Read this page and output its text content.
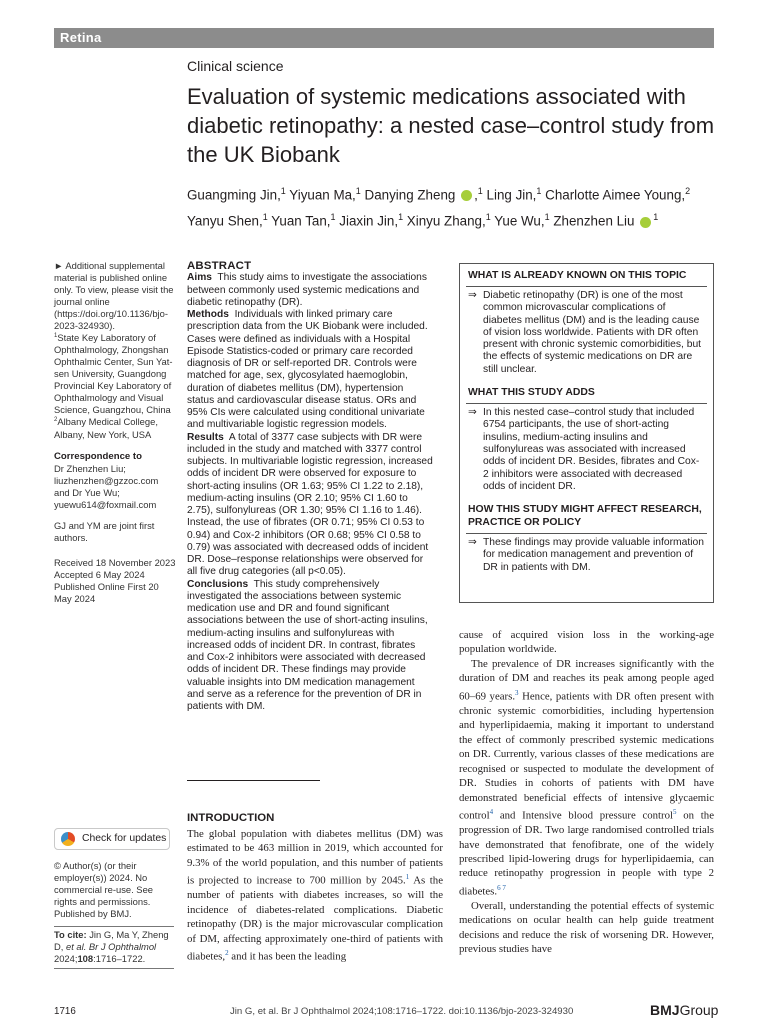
Retina
Clinical science
Evaluation of systemic medications associated with diabetic retinopathy: a nested case–control study from the UK Biobank
Guangming Jin,$^1$ Yiyuan Ma,$^1$ Danying Zheng ,$^1$ Ling Jin,$^1$ Charlotte Aimee Young,$^2$
Yanyu Shen,$^1$ Yuan Tan,$^1$ Jiaxin Jin,$^1$ Xinyu Zhang,$^1$ Yue Wu,$^1$ Zhenzhen Liu $^1$
► Additional supplemental material is published online only. To view, please visit the journal online (https://doi.org/10.1136/bjo-2023-324930).
$^1$State Key Laboratory of Ophthalmology, Zhongshan Ophthalmic Center, Sun Yat-sen University, Guangdong Provincial Key Laboratory of Ophthalmology and Visual Science, Guangzhou, China
$^2$Albany Medical College, Albany, New York, USA
Correspondence to
Dr Zhenzhen Liu; liuzhenzhen@gzzoc.com and Dr Yue Wu; yuewu614@foxmail.com
GJ and YM are joint first authors.
Received 18 November 2023
Accepted 6 May 2024
Published Online First 20 May 2024
Check for updates
© Author(s) (or their employer(s)) 2024. No commercial re-use. See rights and permissions. Published by BMJ.
To cite: Jin G, Ma Y, Zheng D, et al. Br J Ophthalmol 2024;108:1716–1722.
ABSTRACT
Aims This study aims to investigate the associations between commonly used systemic medications and diabetic retinopathy (DR).
Methods Individuals with linked primary care prescription data from the UK Biobank were included. Cases were defined as individuals with a Hospital Episode Statistics-coded or primary care recorded diagnosis of DR or self-reported DR. Controls were matched for age, sex, glycosylated haemoglobin, duration of diabetes mellitus (DM), hypertension status and cardiovascular disease status. ORs and 95% CIs were calculated using conditional univariate and multivariable logistic regression models.
Results A total of 3377 case subjects with DR were included in the study and matched with 3377 control subjects. In multivariable logistic regression, increased odds of incident DR were observed for exposure to short-acting insulins (OR 1.63; 95% CI 1.22 to 2.18), medium-acting insulins (OR 2.10; 95% CI 1.60 to 2.75), sulfonylureas (OR 1.30; 95% CI 1.16 to 1.46). Instead, the use of fibrates (OR 0.71; 95% CI 0.53 to 0.94) and Cox-2 inhibitors (OR 0.68; 95% CI 0.58 to 0.79) was associated with decreased odds of incident DR. Dose–response relationships were observed for all five drug categories (all p<0.05).
Conclusions This study comprehensively investigated the associations between systemic medication use and DR and found significant associations between the use of short-acting insulins, medium-acting insulins and sulfonylureas with increased odds of incident DR. In contrast, fibrates and Cox-2 inhibitors were associated with decreased odds of incident DR. These findings may provide valuable insights into DM medication management and serve as a reference for the prevention of DR in patients with DM.
WHAT IS ALREADY KNOWN ON THIS TOPIC
⇒ Diabetic retinopathy (DR) is one of the most common microvascular complications of diabetes mellitus (DM) and is the leading cause of vision loss worldwide. Patients with DR often present with chronic systemic comorbidities, but the effects of systemic medications on DR are still unclear.
WHAT THIS STUDY ADDS
⇒ In this nested case–control study that included 6754 participants, the use of short-acting insulins, medium-acting insulins and sulfonylureas was associated with increased odds of incident DR. Besides, fibrates and Cox-2 inhibitors were associated with decreased odds of incident DR.
HOW THIS STUDY MIGHT AFFECT RESEARCH, PRACTICE OR POLICY
⇒ These findings may provide valuable information for medication management and prevention of DR in patients with DM.
INTRODUCTION
The global population with diabetes mellitus (DM) was estimated to be 463 million in 2019, which accounted for 9.3% of the world population, and this number of patients is projected to increase to 700 million by 2045.$^1$ As the number of patients with diabetes increases, so will the incidence of diabetes-related complications. Diabetic retinopathy (DR) is the major microvascular complication of DM, affecting approximately one-third of patients with diabetes,$^2$ and it has been the leading
cause of acquired vision loss in the working-age population worldwide.
The prevalence of DR increases significantly with the duration of DM and reaches its peak among people aged 60–69 years.$^3$ Hence, patients with DR often present with chronic systemic comorbidities, including hypertension and hyperlipidaemia, making it important to understand the effect of commonly prescribed systemic medications on DR. Currently, various classes of these medications are recognised or suspected to modulate the development of DR. Studies in cohorts of patients with DM have demonstrated beneficial effects of intensive glycaemic control$^4$ and Intensive blood pressure control$^5$ on the progression of DR. Two large randomised controlled trials have demonstrated that fenofibrate, one of the widely prescribed lipid-lowering drugs for hyperlipidaemia, can reduce retinopathy progression in people with type 2 diabetes.$^{6 7}$
Overall, understanding the potential effects of systemic medications on ocular health can help guide treatment decisions and reduce the risk of worsening DR. However, previous studies have
1716	Jin G, et al. Br J Ophthalmol 2024;108:1716–1722. doi:10.1136/bjo-2023-324930	BMJGroup
